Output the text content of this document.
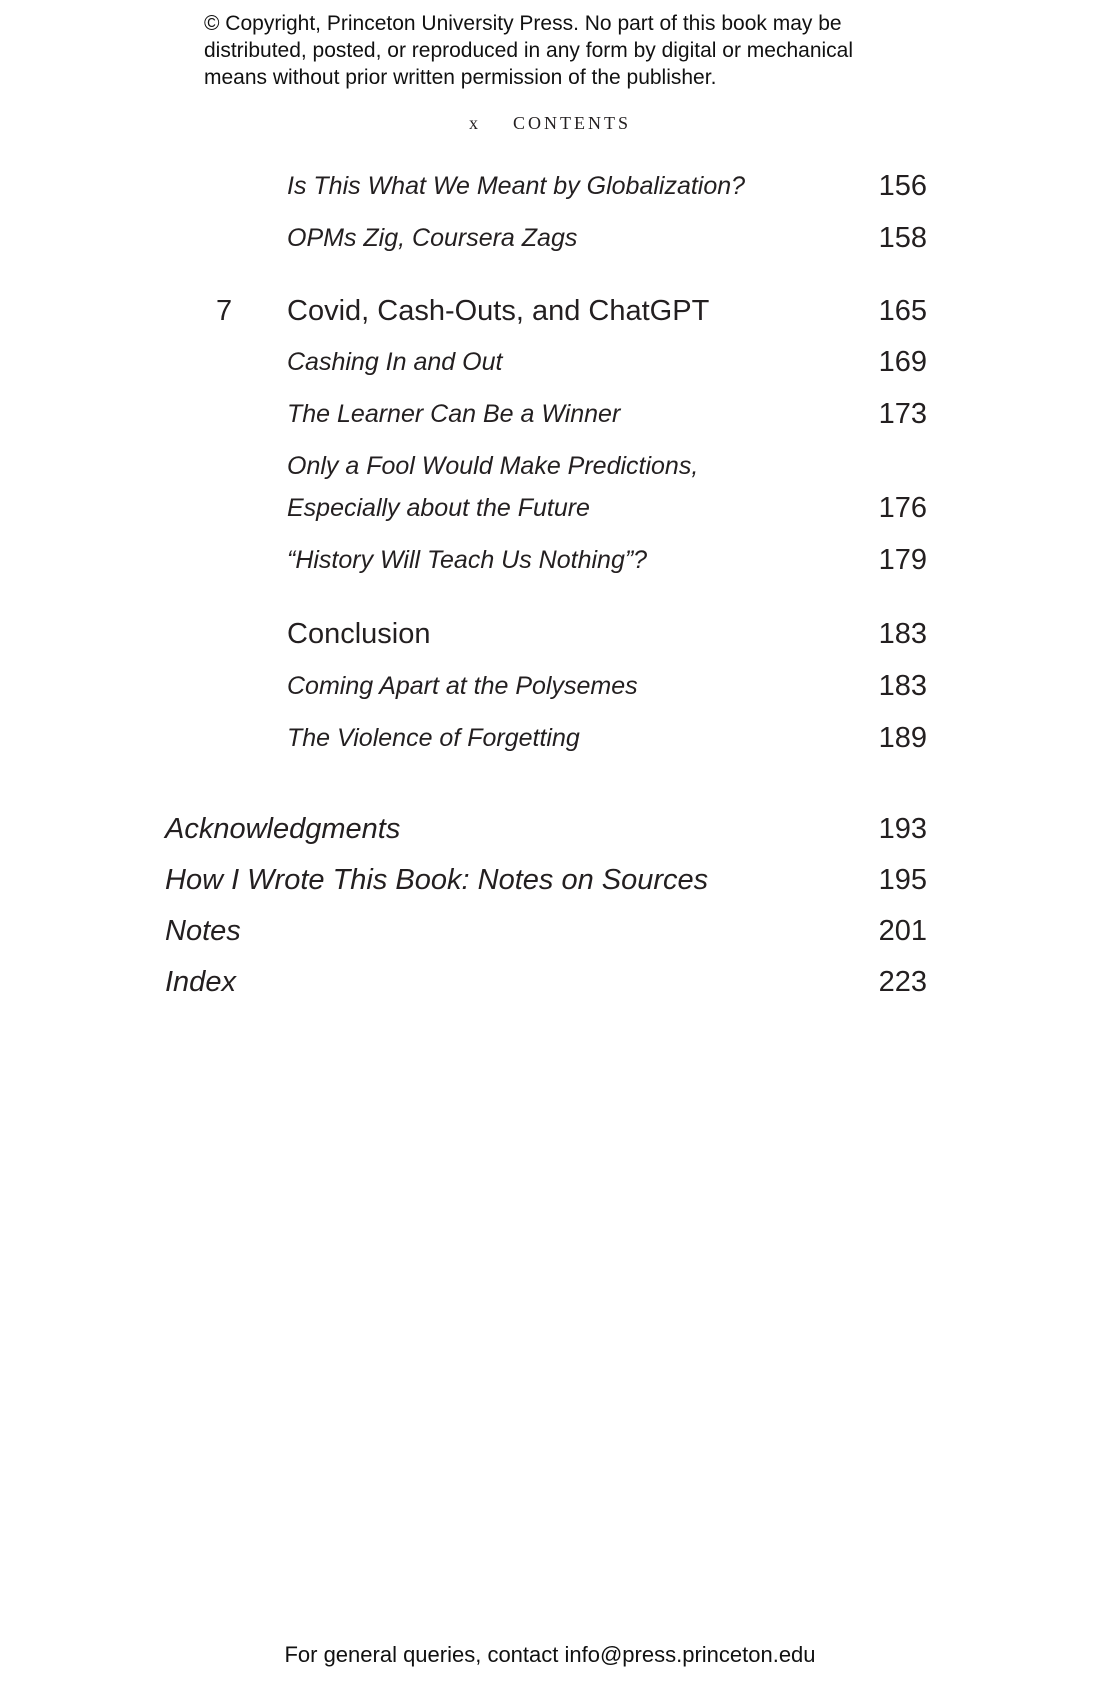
© Copyright, Princeton University Press. No part of this book may be
distributed, posted, or reproduced in any form by digital or mechanical
means without prior written permission of the publisher.
x CONTENTS
Is This What We Meant by Globalization?	156
OPMs Zig, Coursera Zags	158
7 Covid, Cash-Outs, and ChatGPT	165
Cashing In and Out	169
The Learner Can Be a Winner	173
Only a Fool Would Make Predictions,
Especially about the Future	176
“History Will Teach Us Nothing”?	179
Conclusion	183
Coming Apart at the Polysemes	183
The Violence of Forgetting	189
Acknowledgments	193
How I Wrote This Book: Notes on Sources	195
Notes	201
Index	223
For general queries, contact info@press.princeton.edu
